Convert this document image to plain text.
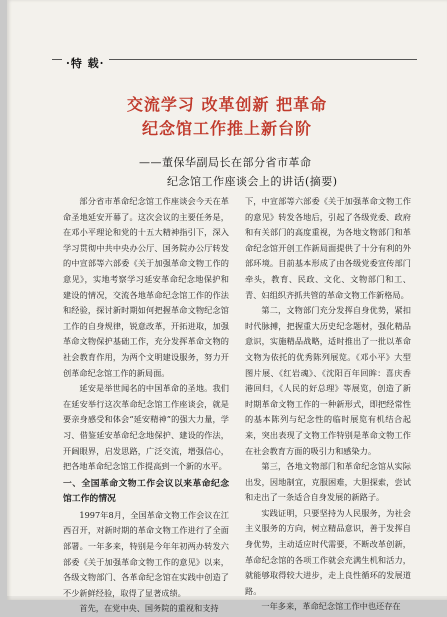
·特 载·
交流学习 改革创新 把革命
纪念馆工作推上新台阶
——董保华副局长在部分省市革命
纪念馆工作座谈会上的讲话(摘要)

部分省市革命纪念馆工作座谈会今天在革命圣地延安开幕了。这次会议的主要任务是，在邓小平理论和党的十五大精神指引下，深入学习贯彻中共中央办公厅、国务院办公厅转发的中宣部等六部委《关于加强革命文物工作的意见》，实地考察学习延安革命纪念地保护和建设的情况，交流各地革命纪念馆工作的作法和经验，探讨新时期如何把握革命文物纪念馆工作的自身规律，锐意改革，开拓进取，加强革命文物保护基础工作，充分发挥革命文物的社会教育作用，为两个文明建设服务，努力开创革命纪念馆工作的新局面。

延安是举世闻名的中国革命的圣地。我们在延安举行这次革命纪念馆工作座谈会，就是要亲身感受和体会“延安精神”的强大力量，学习、借鉴延安革命纪念地保护、建设的作法，开阔眼界，启发思路，广泛交流，增强信心，把各地革命纪念馆工作提高到一个新的水平。

一、全国革命文物工作会议以来革命纪念馆工作的情况

1997年8月，全国革命文物工作会议在江西召开，对新时期的革命文物工作进行了全面部署。一年多来，特别是今年年初两办转发六部委《关于加强革命文物工作的意见》以来，各级文物部门、各革命纪念馆在实践中创造了不少新鲜经验，取得了显著成绩。

首先，在党中央、国务院的重视和支持

下，中宣部等六部委《关于加强革命文物工作的意见》转发各地后，引起了各级党委、政府和有关部门的高度重视，为各地文物部门和革命纪念馆开创工作新局面提供了十分有利的外部环境。目前基本形成了由各级党委宣传部门牵头，教育、民政、文化、文物部门和工、青、妇组织齐抓共管的革命文物工作新格局。

第二，文物部门充分发挥自身优势，紧扣时代脉搏，把握重大历史纪念题材，强化精品意识，实施精品战略，适时推出了一批以革命文物为依托的优秀陈列展览。《邓小平》大型图片展、《红岩魂》、《沈阳百年回眸：喜庆香港回归，《人民的好总理》等展览，创造了新时期革命文物工作的一种新形式，即把经常性的基本陈列与纪念性的临时展览有机结合起来，突出表现了文物工作特别是革命文物工作在社会教育方面的吸引力和感染力。

第三，各地文物部门和革命纪念馆从实际出发，因地制宜，克服困难，大胆探索，尝试和走出了一条适合自身发展的新路子。

实践证明，只要坚持为人民服务，为社会主义服务的方向，树立精品意识，善于发挥自身优势，主动适应时代需要，不断改革创新，革命纪念馆的各项工作就会充满生机和活力，就能够取得较大进步，走上良性循环的发展道路。

一年多来，革命纪念馆工作中也还存在
